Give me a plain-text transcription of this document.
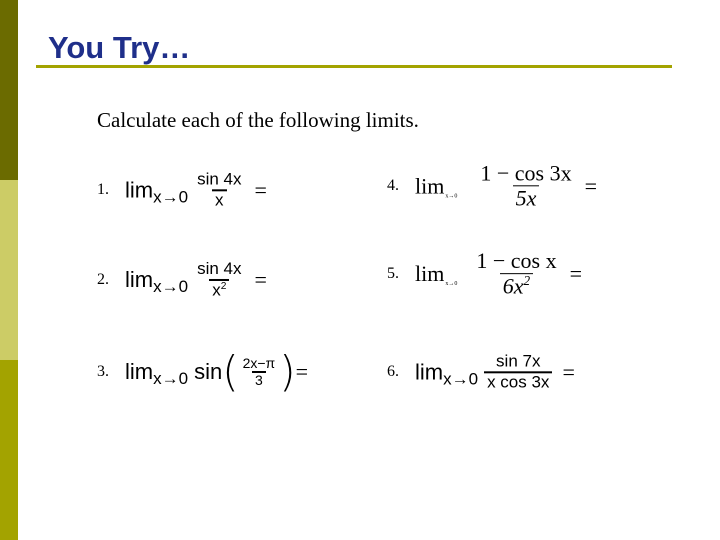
You Try…
Calculate each of the following limits.
1. $\lim x\to 0 \frac{\sin 4x}{x}$ =
2. $\lim x\to 0 \frac{\sin 4x}{x^2}$ =
3. lim x→0 sin ( $\frac{2x-\pi}{3}$ ) =
4. $\lim x\to 0 \frac{1 - \cos 3x}{5x}$ =
5. $\lim x\to 0 \frac{\text{1 − cos x}}{6x^2}$ =
6. $\lim x\to 0 \frac{\sin 7x}{\text{x cos 3x}}$ =
